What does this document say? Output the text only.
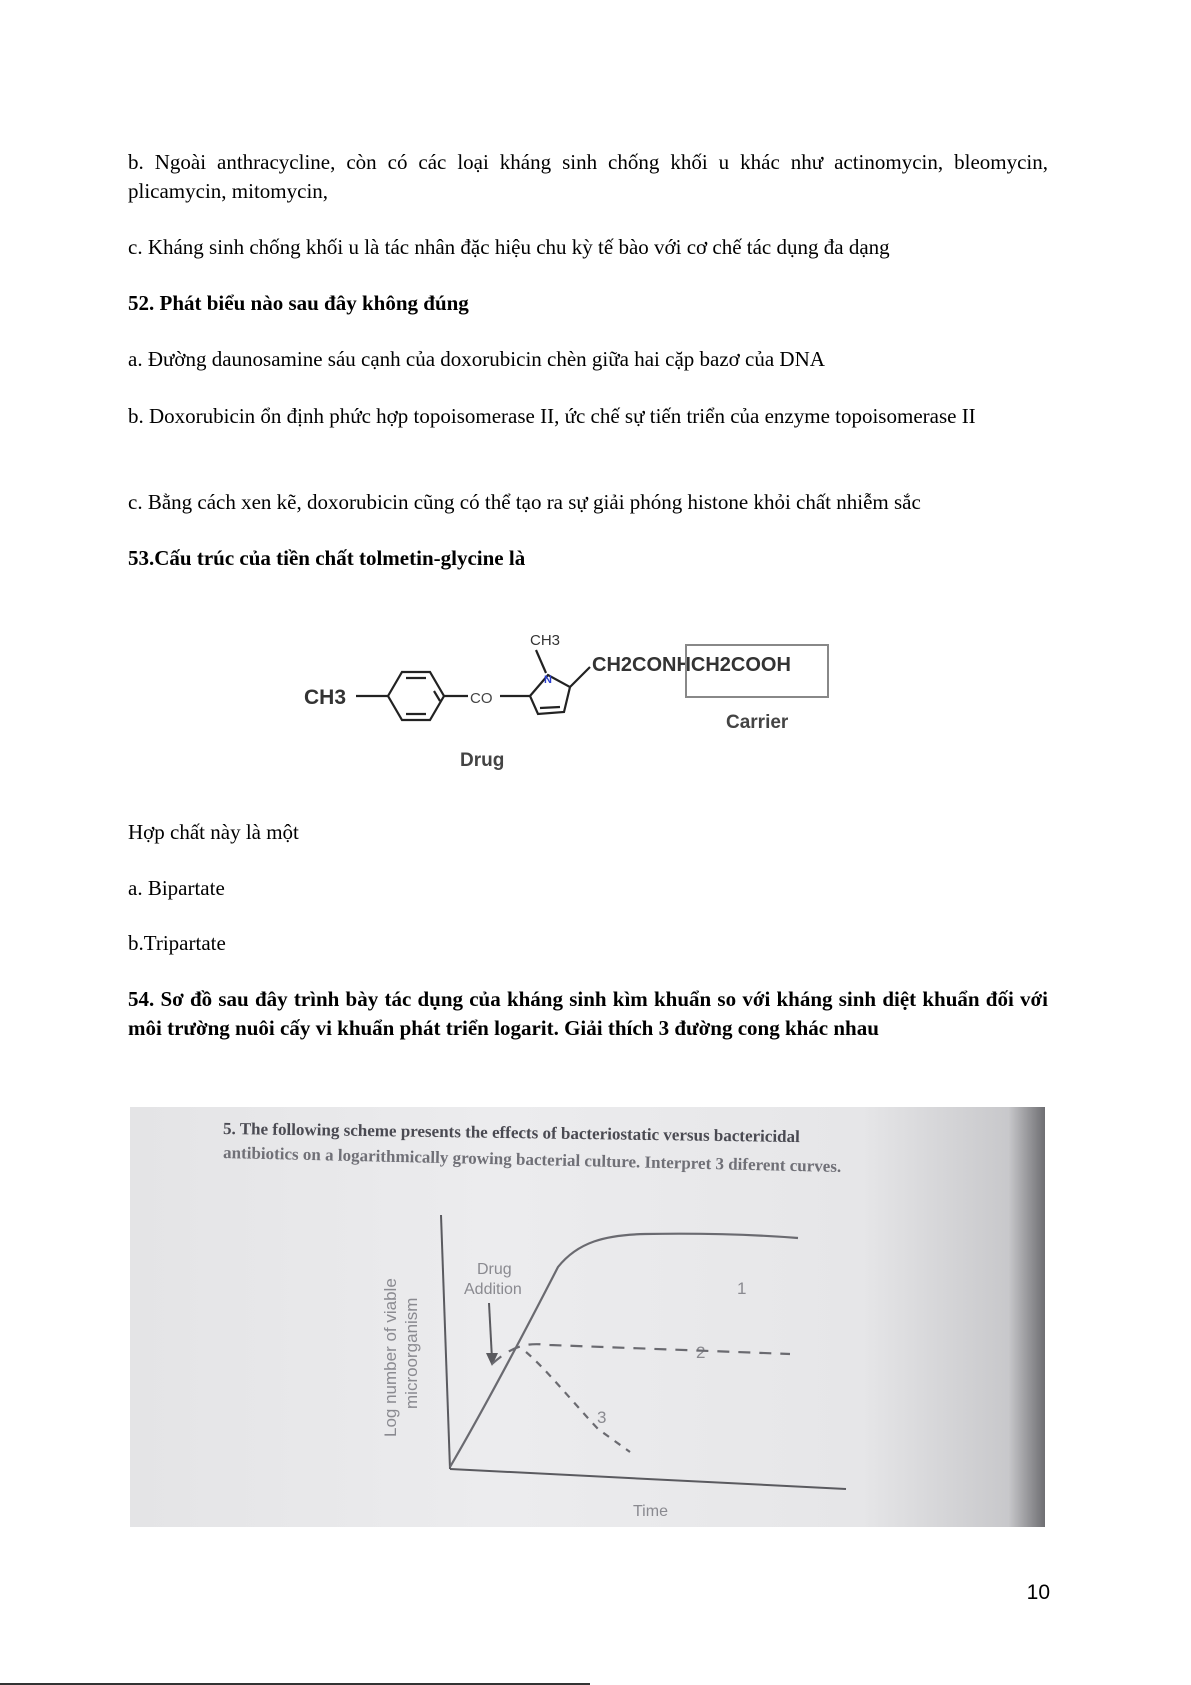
b. Ngoài anthracycline, còn có các loại kháng sinh chống khối u khác như actinomycin, bleomycin, plicamycin, mitomycin,

c. Kháng sinh chống khối u là tác nhân đặc hiệu chu kỳ tế bào với cơ chế tác dụng đa dạng

52. Phát biểu nào sau đây không đúng

a. Đường daunosamine sáu cạnh của doxorubicin chèn giữa hai cặp bazơ của DNA

b. Doxorubicin ổn định phức hợp topoisomerase II, ức chế sự tiến triển của enzyme topoisomerase II

c. Bằng cách xen kẽ, doxorubicin cũng có thể tạo ra sự giải phóng histone khỏi chất nhiễm sắc

53.Cấu trúc của tiền chất tolmetin-glycine là

CH3	CO
N
CH3
CH2CONHCH2COOH
Carrier
Drug

Hợp chất này là một

a. Bipartate

b.Tripartate

54. Sơ đồ sau đây trình bày tác dụng của kháng sinh kìm khuẩn so với kháng sinh diệt khuẩn đối với môi trường nuôi cấy vi khuẩn phát triển logarit. Giải thích 3 đường cong khác nhau

5. The following scheme presents the effects of bacteriostatic versus bactericidal
antibiotics on a logarithmically growing bacterial culture. Interpret 3 diferent curves.
Log number of viable microorganism
Time
Drug
Addition	1
2
3
10
